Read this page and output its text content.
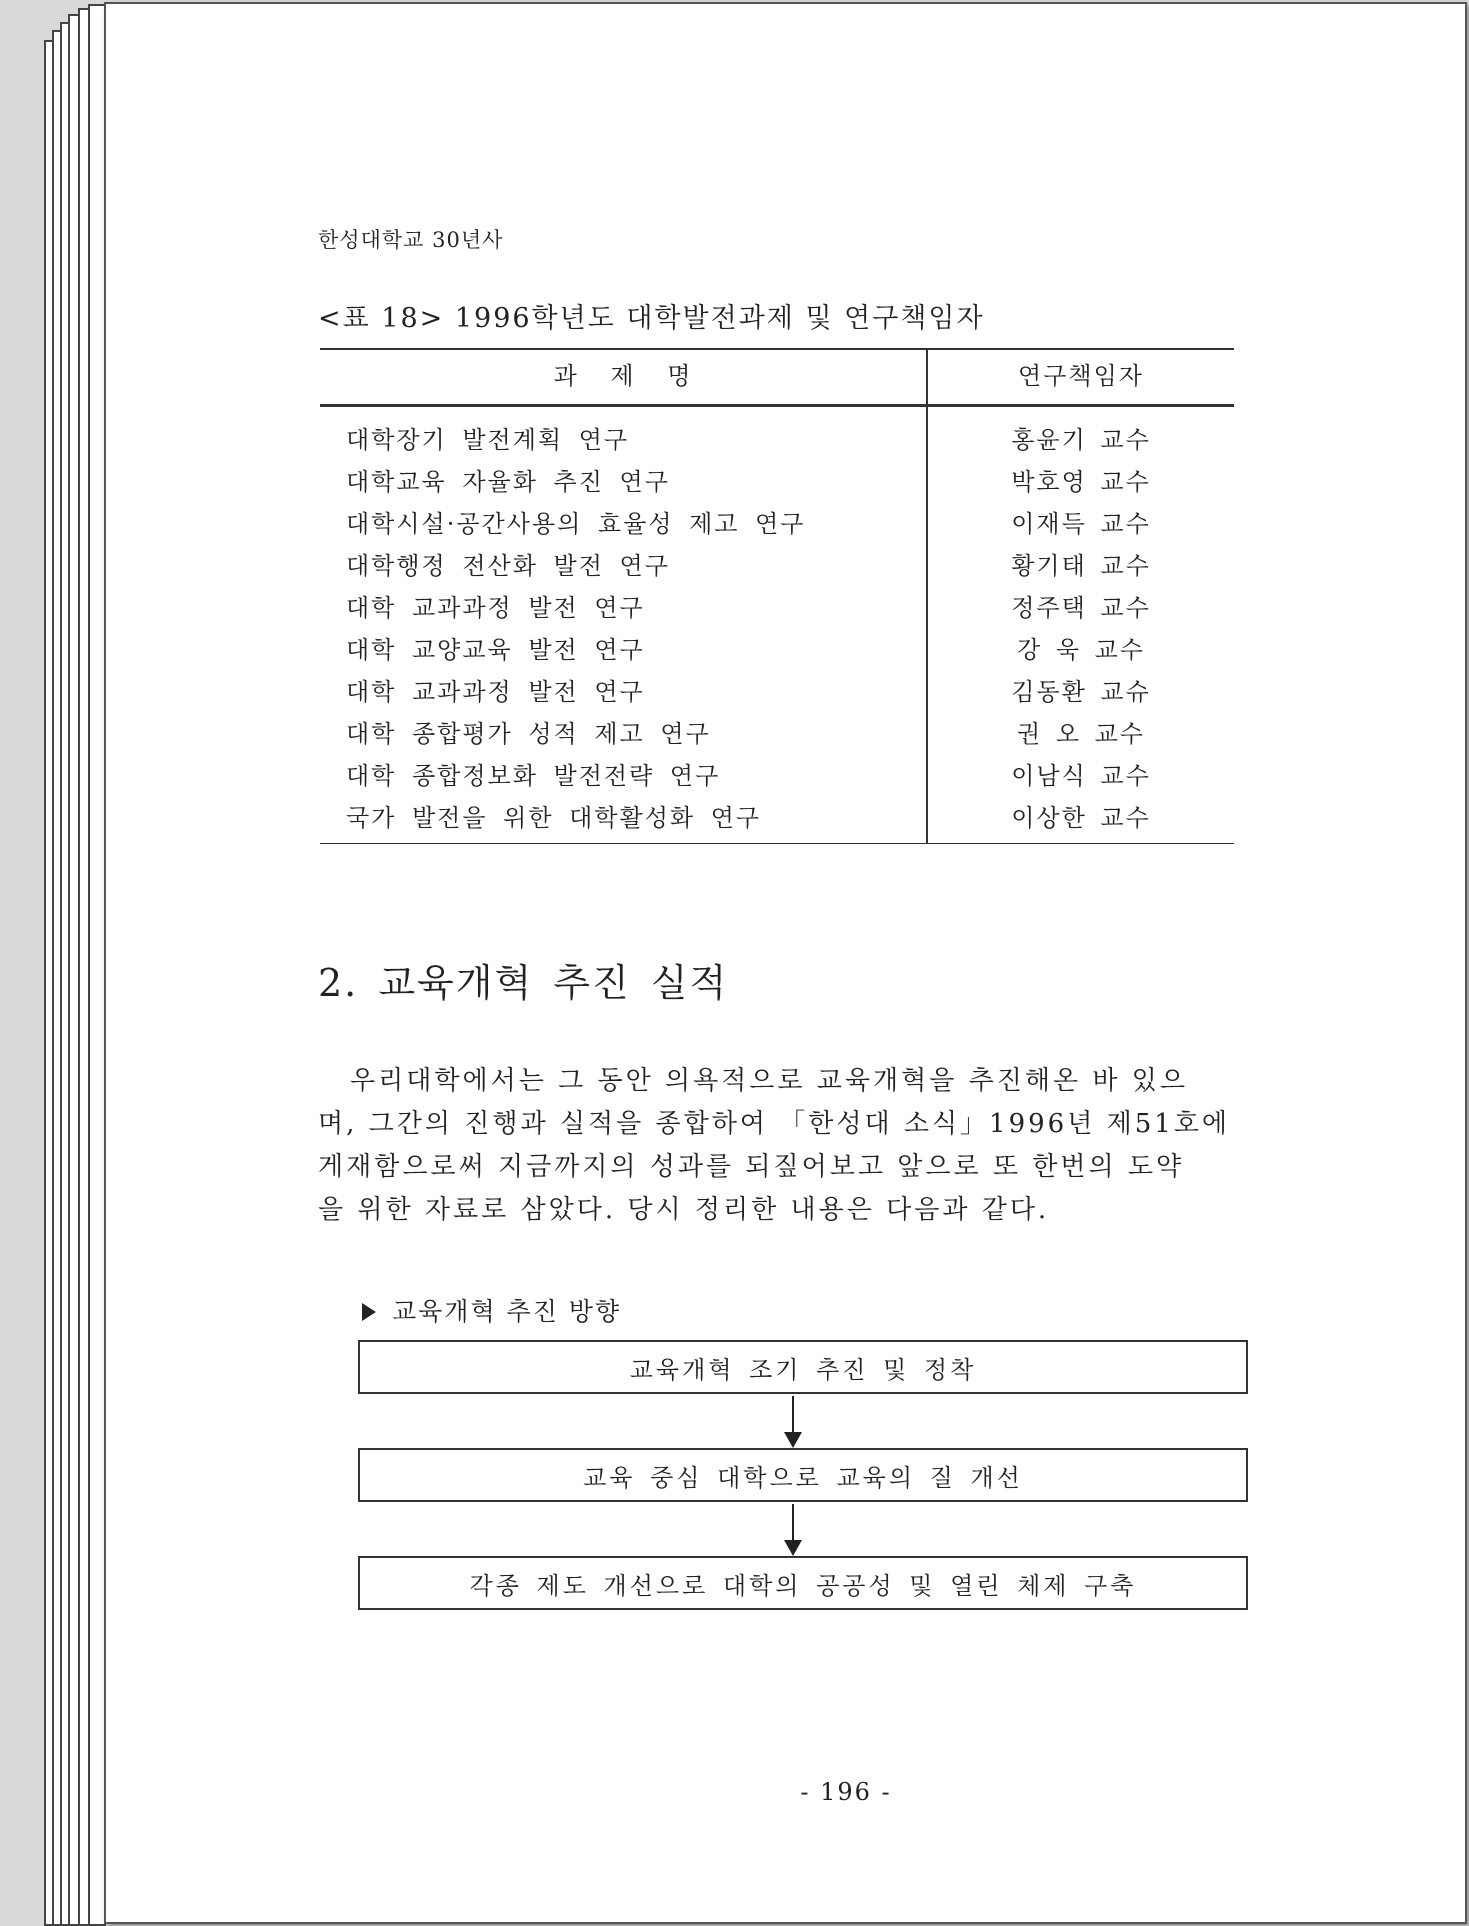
한성대학교 30년사
<표 18> 1996학년도 대학발전과제 및 연구책임자
과 제 명	연구책임자
대학장기 발전계획 연구	홍윤기 교수
대학교육 자율화 추진 연구	박호영 교수
대학시설·공간사용의 효율성 제고 연구	이재득 교수
대학행정 전산화 발전 연구	황기태 교수
대학 교과과정 발전 연구	정주택 교수
대학 교양교육 발전 연구	강 욱 교수
대학 교과과정 발전 연구	김동환 교슈
대학 종합평가 성적 제고 연구	권 오 교수
대학 종합정보화 발전전략 연구	이남식 교수
국가 발전을 위한 대학활성화 연구	이상한 교수
2. 교육개혁 추진 실적
우리대학에서는 그 동안 의욕적으로 교육개혁을 추진해온 바 있으
며, 그간의 진행과 실적을 종합하여 「한성대 소식」1996년 제51호에
게재함으로써 지금까지의 성과를 되짚어보고 앞으로 또 한번의 도약
을 위한 자료로 삼았다. 당시 정리한 내용은 다음과 같다.
교육개혁 추진 방향
교육개혁 조기 추진 및 정착
교육 중심 대학으로 교육의 질 개선
각종 제도 개선으로 대학의 공공성 및 열린 체제 구축
- 196 -
